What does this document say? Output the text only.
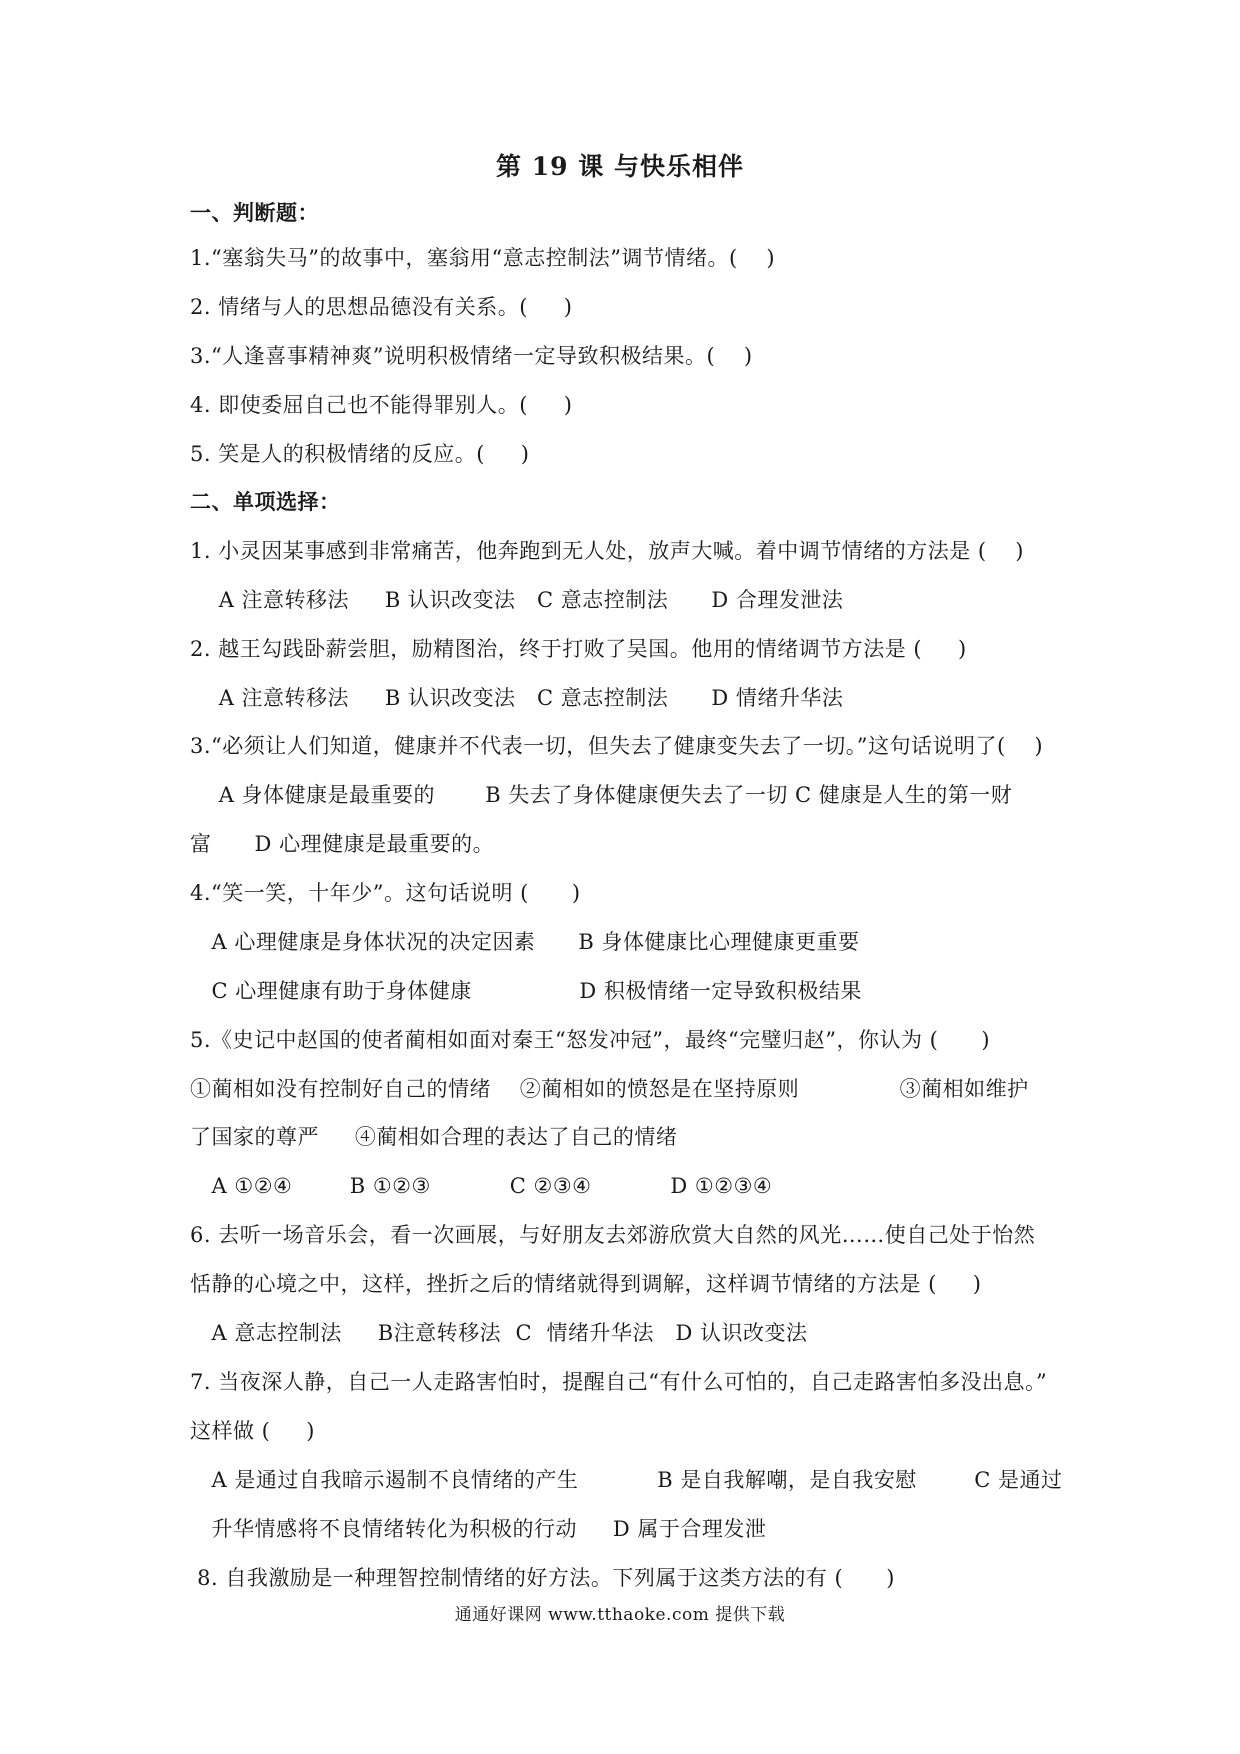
第 19 课 与快乐相伴
一、判断题：
1.“塞翁失马”的故事中，塞翁用“意志控制法”调节情绪。(    )
2. 情绪与人的思想品德没有关系。(     )
3.“人逢喜事精神爽”说明积极情绪一定导致积极结果。(    )
4. 即使委屈自己也不能得罪别人。(     )
5. 笑是人的积极情绪的反应。(     )
二、单项选择：
1. 小灵因某事感到非常痛苦，他奔跑到无人处，放声大喊。着中调节情绪的方法是 (    )
A 注意转移法     B 认识改变法   C 意志控制法      D 合理发泄法
2. 越王勾践卧薪尝胆，励精图治，终于打败了吴国。他用的情绪调节方法是 (     )
A 注意转移法     B 认识改变法   C 意志控制法      D 情绪升华法
3.“必须让人们知道，健康并不代表一切，但失去了健康变失去了一切。”这句话说明了(    )
A 身体健康是最重要的       B 失去了身体健康便失去了一切 C 健康是人生的第一财
富      D 心理健康是最重要的。
4.“笑一笑，十年少”。这句话说明 (      )
A 心理健康是身体状况的决定因素      B 身体健康比心理健康更重要
C 心理健康有助于身体健康               D 积极情绪一定导致积极结果
5.《史记中赵国的使者蔺相如面对秦王“怒发冲冠”，最终“完璧归赵”，你认为 (      )
①蔺相如没有控制好自己的情绪    ②蔺相如的愤怒是在坚持原则              ③蔺相如维护
了国家的尊严     ④蔺相如合理的表达了自己的情绪
A ①②④        B ①②③           C ②③④           D ①②③④
6. 去听一场音乐会，看一次画展，与好朋友去郊游欣赏大自然的风光……使自己处于怡然
恬静的心境之中，这样，挫折之后的情绪就得到调解，这样调节情绪的方法是 (     )
A 意志控制法     B注意转移法  C  情绪升华法   D 认识改变法
7. 当夜深人静，自己一人走路害怕时，提醒自己“有什么可怕的，自己走路害怕多没出息。”
这样做 (     )
A 是通过自我暗示遏制不良情绪的产生           B 是自我解嘲，是自我安慰        C 是通过
升华情感将不良情绪转化为积极的行动     D 属于合理发泄
8. 自我激励是一种理智控制情绪的好方法。下列属于这类方法的有 (      )
通通好课网 www.tthaoke.com 提供下载
